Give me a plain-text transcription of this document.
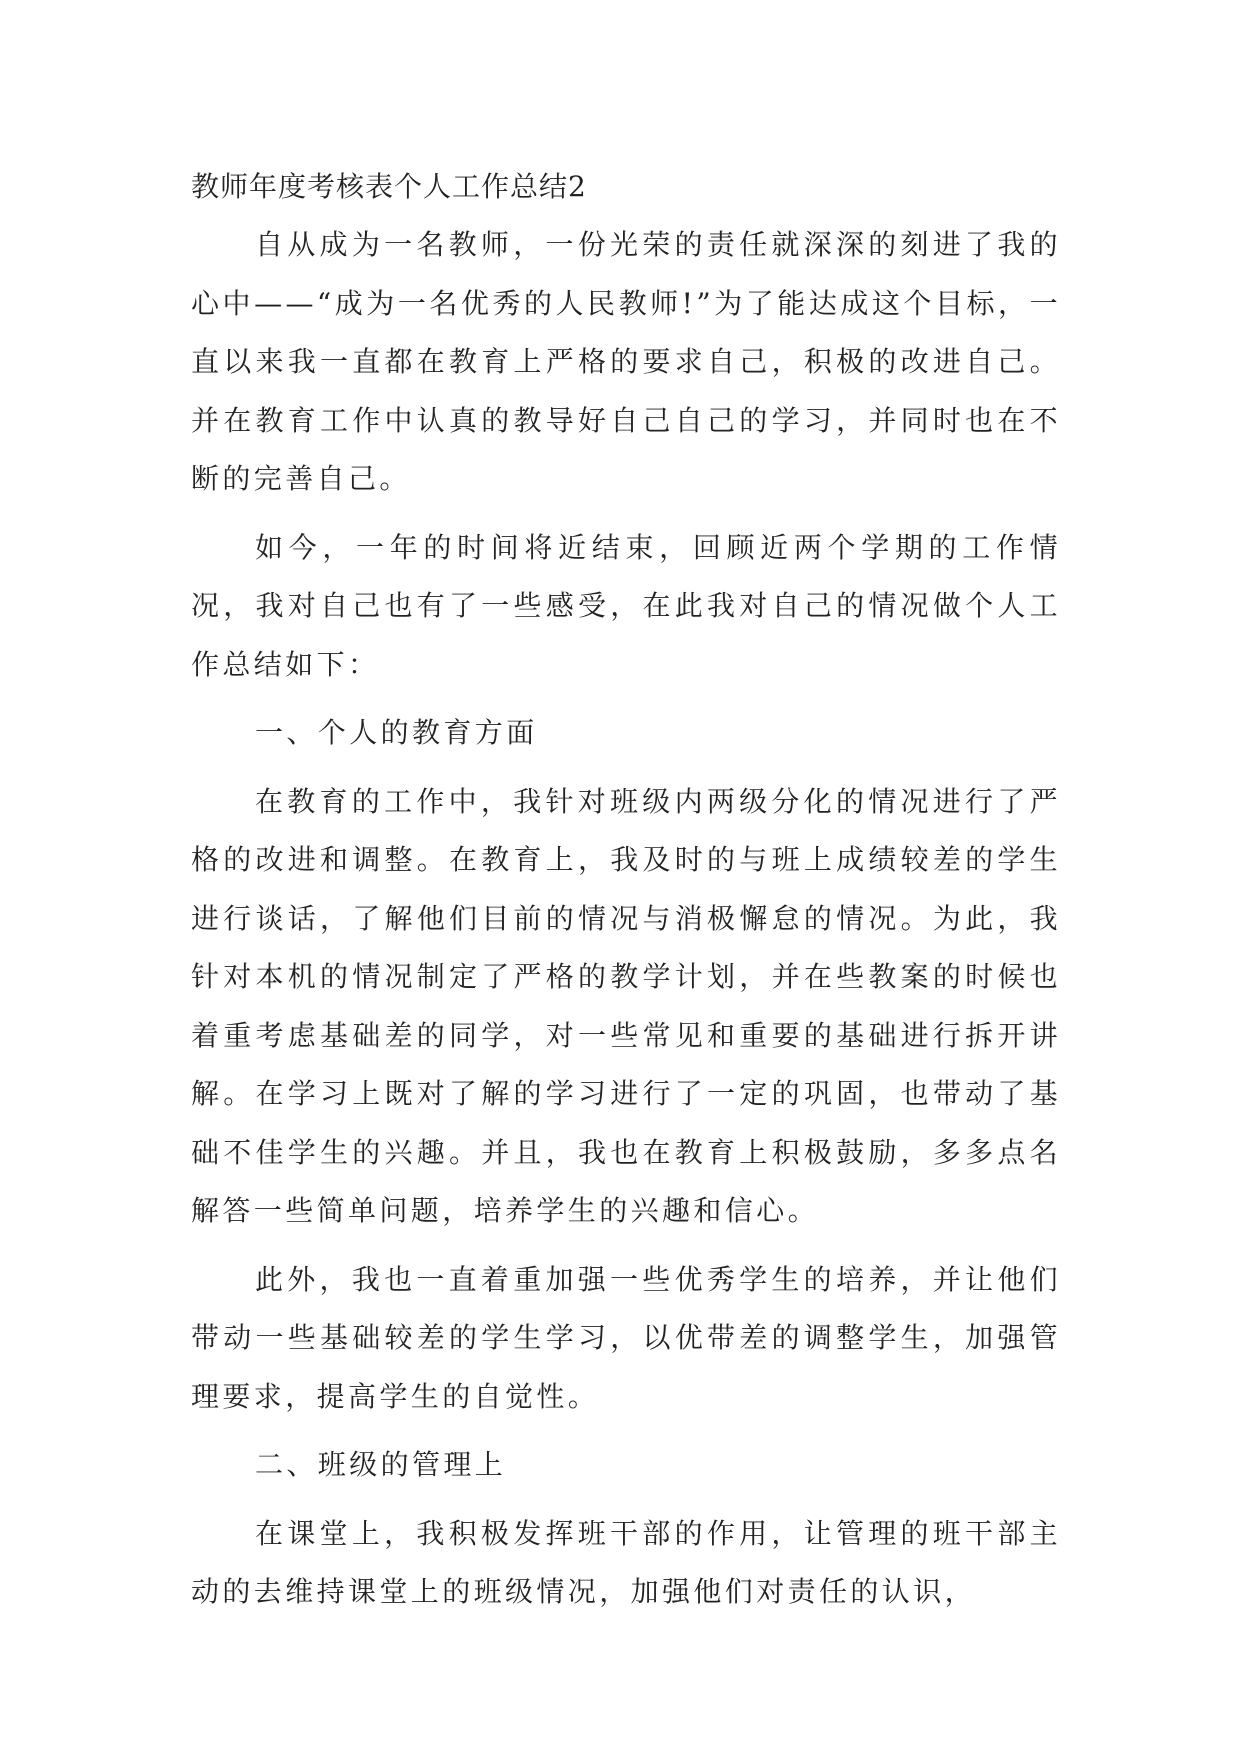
教师年度考核表个人工作总结2

自从成为一名教师，一份光荣的责任就深深的刻进了我的心中——“成为一名优秀的人民教师!”为了能达成这个目标，一直以来我一直都在教育上严格的要求自己，积极的改进自己。并在教育工作中认真的教导好自己自己的学习，并同时也在不断的完善自己。

如今，一年的时间将近结束，回顾近两个学期的工作情况，我对自己也有了一些感受，在此我对自己的情况做个人工作总结如下：

一、个人的教育方面

在教育的工作中，我针对班级内两级分化的情况进行了严格的改进和调整。在教育上，我及时的与班上成绩较差的学生进行谈话，了解他们目前的情况与消极懈怠的情况。为此，我针对本机的情况制定了严格的教学计划，并在些教案的时候也着重考虑基础差的同学，对一些常见和重要的基础进行拆开讲解。在学习上既对了解的学习进行了一定的巩固，也带动了基础不佳学生的兴趣。并且，我也在教育上积极鼓励，多多点名解答一些简单问题，培养学生的兴趣和信心。

此外，我也一直着重加强一些优秀学生的培养，并让他们带动一些基础较差的学生学习，以优带差的调整学生，加强管理要求，提高学生的自觉性。

二、班级的管理上

在课堂上，我积极发挥班干部的作用，让管理的班干部主动的去维持课堂上的班级情况，加强他们对责任的认识，
